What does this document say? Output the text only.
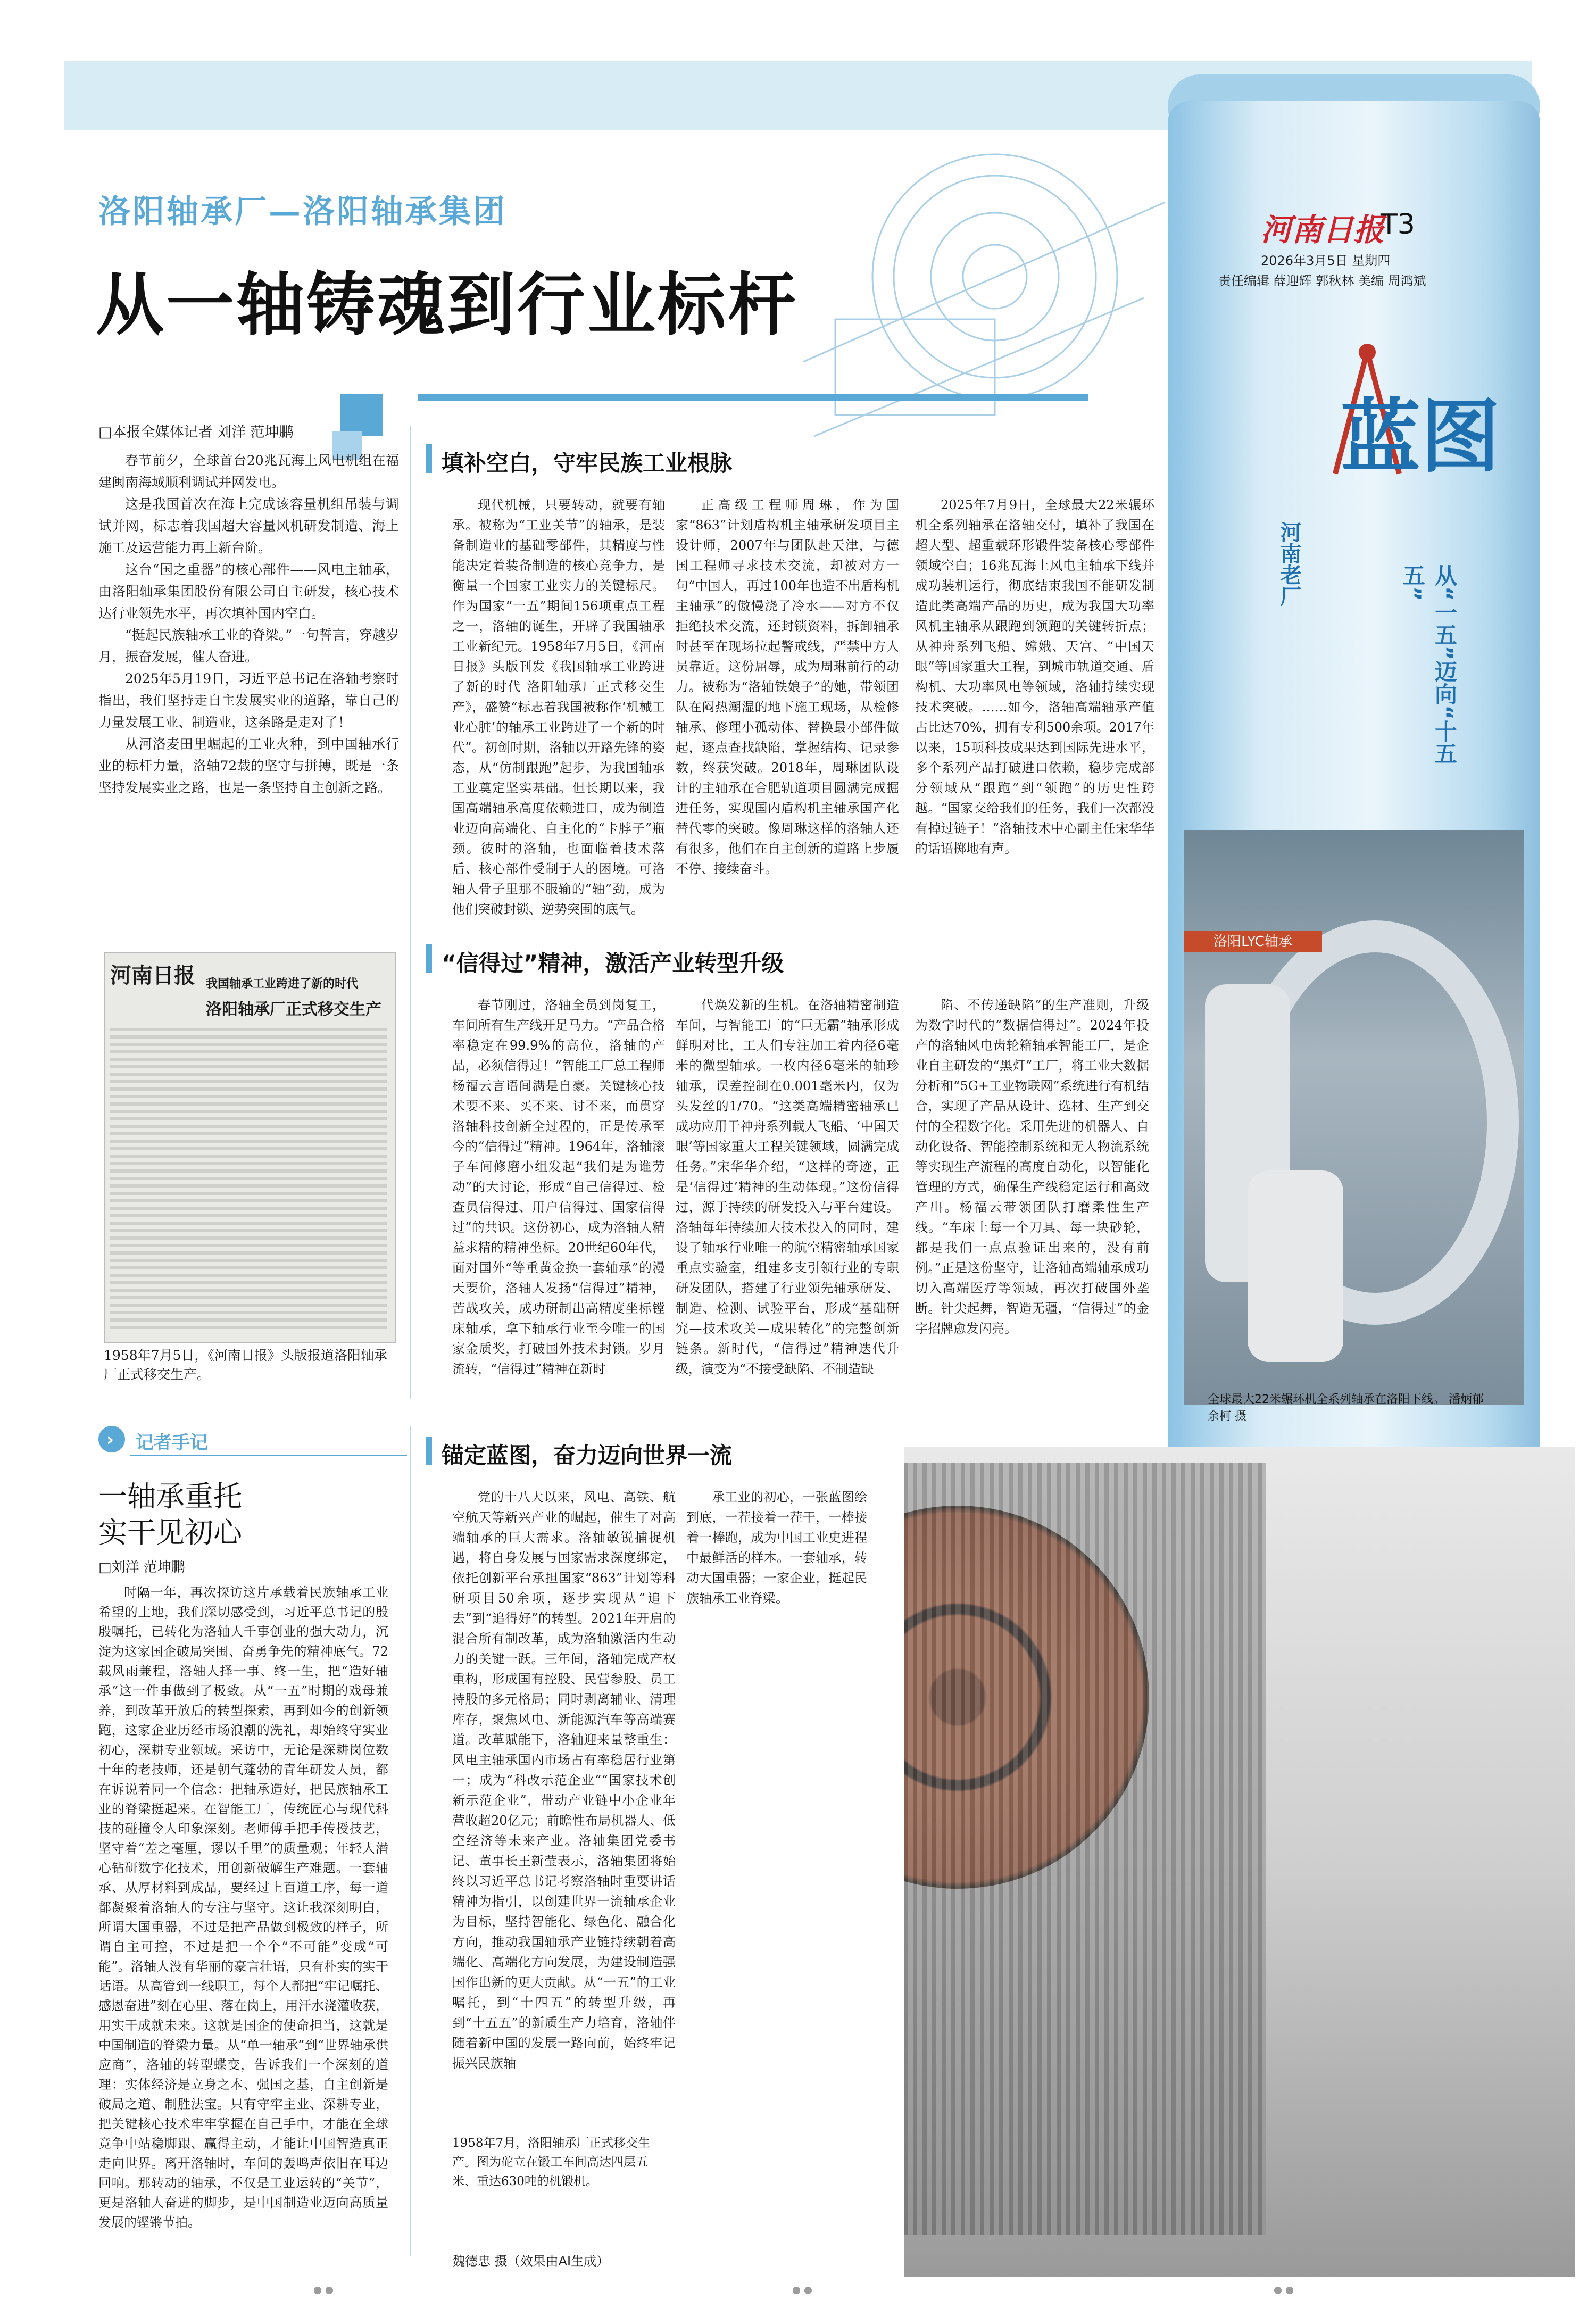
洛阳轴承厂—洛阳轴承集团
从一轴铸魂到行业标杆
□本报全媒体记者 刘洋 范坤鹏

春节前夕，全球首台20兆瓦海上风电机组在福建闽南海域顺利调试并网发电。

这是我国首次在海上完成该容量机组吊装与调试并网，标志着我国超大容量风机研发制造、海上施工及运营能力再上新台阶。

这台“国之重器”的核心部件——风电主轴承，由洛阳轴承集团股份有限公司自主研发，核心技术达行业领先水平，再次填补国内空白。

“挺起民族轴承工业的脊梁。”一句誓言，穿越岁月，振奋发展，催人奋进。

2025年5月19日，习近平总书记在洛轴考察时指出，我们坚持走自主发展实业的道路，靠自己的力量发展工业、制造业，这条路是走对了！

从河洛麦田里崛起的工业火种，到中国轴承行业的标杆力量，洛轴72载的坚守与拼搏，既是一条坚持发展实业之路，也是一条坚持自主创新之路。

河南日报 我国轴承工业跨进了新的时代
洛阳轴承厂正式移交生产
1958年7月5日，《河南日报》头版报道洛阳轴承厂正式移交生产。
填补空白，守牢民族工业根脉

现代机械，只要转动，就要有轴承。被称为“工业关节”的轴承，是装备制造业的基础零部件，其精度与性能决定着装备制造的核心竞争力，是衡量一个国家工业实力的关键标尺。作为国家“一五”期间156项重点工程之一，洛轴的诞生，开辟了我国轴承工业新纪元。1958年7月5日，《河南日报》头版刊发《我国轴承工业跨进了新的时代 洛阳轴承厂正式移交生产》，盛赞“标志着我国被称作‘机械工业心脏’的轴承工业跨进了一个新的时代”。初创时期，洛轴以开路先锋的姿态，从“仿制跟跑”起步，为我国轴承工业奠定坚实基础。但长期以来，我国高端轴承高度依赖进口，成为制造业迈向高端化、自主化的“卡脖子”瓶颈。彼时的洛轴，也面临着技术落后、核心部件受制于人的困境。可洛轴人骨子里那不服输的“轴”劲，成为他们突破封锁、逆势突围的底气。

正高级工程师周琳，作为国家“863”计划盾构机主轴承研发项目主设计师，2007年与团队赴天津，与德国工程师寻求技术交流，却被对方一句“中国人，再过100年也造不出盾构机主轴承”的傲慢浇了冷水——对方不仅拒绝技术交流，还封锁资料，拆卸轴承时甚至在现场拉起警戒线，严禁中方人员靠近。这份屈辱，成为周琳前行的动力。被称为“洛轴铁娘子”的她，带领团队在闷热潮湿的地下施工现场，从检修轴承、修理小孤动体、替换最小部件做起，逐点查找缺陷，掌握结构、记录参数，终获突破。2018年，周琳团队设计的主轴承在合肥轨道项目圆满完成掘进任务，实现国内盾构机主轴承国产化替代零的突破。像周琳这样的洛轴人还有很多，他们在自主创新的道路上步履不停、接续奋斗。

2025年7月9日，全球最大22米辗环机全系列轴承在洛轴交付，填补了我国在超大型、超重载环形锻件装备核心零部件领域空白；16兆瓦海上风电主轴承下线并成功装机运行，彻底结束我国不能研发制造此类高端产品的历史，成为我国大功率风机主轴承从跟跑到领跑的关键转折点；从神舟系列飞船、嫦娥、天宫、“中国天眼”等国家重大工程，到城市轨道交通、盾构机、大功率风电等领域，洛轴持续实现技术突破。……如今，洛轴高端轴承产值占比达70%，拥有专利500余项。2017年以来，15项科技成果达到国际先进水平，多个系列产品打破进口依赖，稳步完成部分领域从“跟跑”到“领跑”的历史性跨越。“国家交给我们的任务，我们一次都没有掉过链子！”洛轴技术中心副主任宋华华的话语掷地有声。

“信得过”精神，激活产业转型升级

春节刚过，洛轴全员到岗复工，车间所有生产线开足马力。“产品合格率稳定在99.9%的高位，洛轴的产品，必须信得过！”智能工厂总工程师杨福云言语间满是自豪。关键核心技术要不来、买不来、讨不来，而贯穿洛轴科技创新全过程的，正是传承至今的“信得过”精神。1964年，洛轴滚子车间修磨小组发起“我们是为谁劳动”的大讨论，形成“自己信得过、检查员信得过、用户信得过、国家信得过”的共识。这份初心，成为洛轴人精益求精的精神坐标。20世纪60年代，面对国外“等重黄金换一套轴承”的漫天要价，洛轴人发扬“信得过”精神，苦战攻关，成功研制出高精度坐标镗床轴承，拿下轴承行业至今唯一的国家金质奖，打破国外技术封锁。岁月流转，“信得过”精神在新时

代焕发新的生机。在洛轴精密制造车间，与智能工厂的“巨无霸”轴承形成鲜明对比，工人们专注加工着内径6毫米的微型轴承。一枚内径6毫米的轴珍轴承，误差控制在0.001毫米内，仅为头发丝的1/70。“这类高端精密轴承已成功应用于神舟系列载人飞船、‘中国天眼’等国家重大工程关键领域，圆满完成任务。”宋华华介绍，“这样的奇迹，正是‘信得过’精神的生动体现。”这份信得过，源于持续的研发投入与平台建设。洛轴每年持续加大技术投入的同时，建设了轴承行业唯一的航空精密轴承国家重点实验室，组建多支引领行业的专职研发团队，搭建了行业领先轴承研发、制造、检测、试验平台，形成“基础研究—技术攻关—成果转化”的完整创新链条。新时代，“信得过”精神迭代升级，演变为“不接受缺陷、不制造缺

陷、不传递缺陷”的生产准则，升级为数字时代的“数据信得过”。2024年投产的洛轴风电齿轮箱轴承智能工厂，是企业自主研发的“黑灯”工厂，将工业大数据分析和“5G+工业物联网”系统进行有机结合，实现了产品从设计、选材、生产到交付的全程数字化。采用先进的机器人、自动化设备、智能控制系统和无人物流系统等实现生产流程的高度自动化，以智能化管理的方式，确保生产线稳定运行和高效产出。杨福云带领团队打磨柔性生产线。“车床上每一个刀具、每一块砂轮，都是我们一点点验证出来的，没有前例。”正是这份坚守，让洛轴高端轴承成功切入高端医疗等领域，再次打破国外垄断。针尖起舞，智造无疆，“信得过”的金字招牌愈发闪亮。

河南日报
T3
2026年3月5日 星期四
责任编辑 薛迎辉 郭秋林 美编 周鸿斌
蓝图
河南老厂	从“一五”迈向“十五五”
洛阳LYC轴承
全球最大22米辗环机全系列轴承在洛阳下线。 潘炳郁 余柯 摄
› 记者手记
一轴承重托
实干见初心
□刘洋 范坤鹏

时隔一年，再次探访这片承载着民族轴承工业希望的土地，我们深切感受到，习近平总书记的殷殷嘱托，已转化为洛轴人千事创业的强大动力，沉淀为这家国企破局突围、奋勇争先的精神底气。72载风雨兼程，洛轴人择一事、终一生，把“造好轴承”这一件事做到了极致。从“一五”时期的戏母兼养，到改革开放后的转型探索，再到如今的创新领跑，这家企业历经市场浪潮的洗礼，却始终守实业初心，深耕专业领域。采访中，无论是深耕岗位数十年的老技师，还是朝气蓬勃的青年研发人员，都在诉说着同一个信念：把轴承造好，把民族轴承工业的脊梁挺起来。在智能工厂，传统匠心与现代科技的碰撞令人印象深刻。老师傅手把手传授技艺，坚守着“差之毫厘，谬以千里”的质量观；年轻人潜心钻研数字化技术，用创新破解生产难题。一套轴承、从厚材料到成品，要经过上百道工序，每一道都凝聚着洛轴人的专注与坚守。这让我深刻明白，所谓大国重器，不过是把产品做到极致的样子，所谓自主可控，不过是把一个个“不可能”变成“可能”。洛轴人没有华丽的豪言壮语，只有朴实的实干话语。从高管到一线职工，每个人都把“牢记嘱托、感恩奋进”刻在心里、落在岗上，用汗水浇灌收获，用实干成就未来。这就是国企的使命担当，这就是中国制造的脊梁力量。从“单一轴承”到“世界轴承供应商”，洛轴的转型蝶变，告诉我们一个深刻的道理：实体经济是立身之本、强国之基，自主创新是破局之道、制胜法宝。只有守牢主业、深耕专业，把关键核心技术牢牢掌握在自己手中，才能在全球竞争中站稳脚跟、赢得主动，才能让中国智造真正走向世界。离开洛轴时，车间的轰鸣声依旧在耳边回响。那转动的轴承，不仅是工业运转的“关节”，更是洛轴人奋进的脚步，是中国制造业迈向高质量发展的铿锵节拍。

锚定蓝图，奋力迈向世界一流

党的十八大以来，风电、高铁、航空航天等新兴产业的崛起，催生了对高端轴承的巨大需求。洛轴敏锐捕捉机遇，将自身发展与国家需求深度绑定，依托创新平台承担国家“863”计划等科研项目50余项，逐步实现从“追下去”到“追得好”的转型。2021年开启的混合所有制改革，成为洛轴激活内生动力的关键一跃。三年间，洛轴完成产权重构，形成国有控股、民营参股、员工持股的多元格局；同时剥离辅业、清理库存，聚焦风电、新能源汽车等高端赛道。改革赋能下，洛轴迎来量整重生：风电主轴承国内市场占有率稳居行业第一；成为“科改示范企业”“国家技术创新示范企业”，带动产业链中小企业年营收超20亿元；前瞻性布局机器人、低空经济等未来产业。洛轴集团党委书记、董事长王新莹表示，洛轴集团将始终以习近平总书记考察洛轴时重要讲话精神为指引，以创建世界一流轴承企业为目标，坚持智能化、绿色化、融合化方向，推动我国轴承产业链持续朝着高端化、高端化方向发展，为建设制造强国作出新的更大贡献。从“一五”的工业嘱托，到“十四五”的转型升级，再到“十五五”的新质生产力培育，洛轴伴随着新中国的发展一路向前，始终牢记振兴民族轴

承工业的初心，一张蓝图绘到底，一茬接着一茬干，一棒接着一棒跑，成为中国工业史进程中最鲜活的样本。一套轴承，转动大国重器；一家企业，挺起民族轴承工业脊梁。

1958年7月，洛阳轴承厂正式移交生产。图为砣立在锻工车间高达四层五米、重达630吨的机锻机。
魏德忠 摄（效果由AI生成）
